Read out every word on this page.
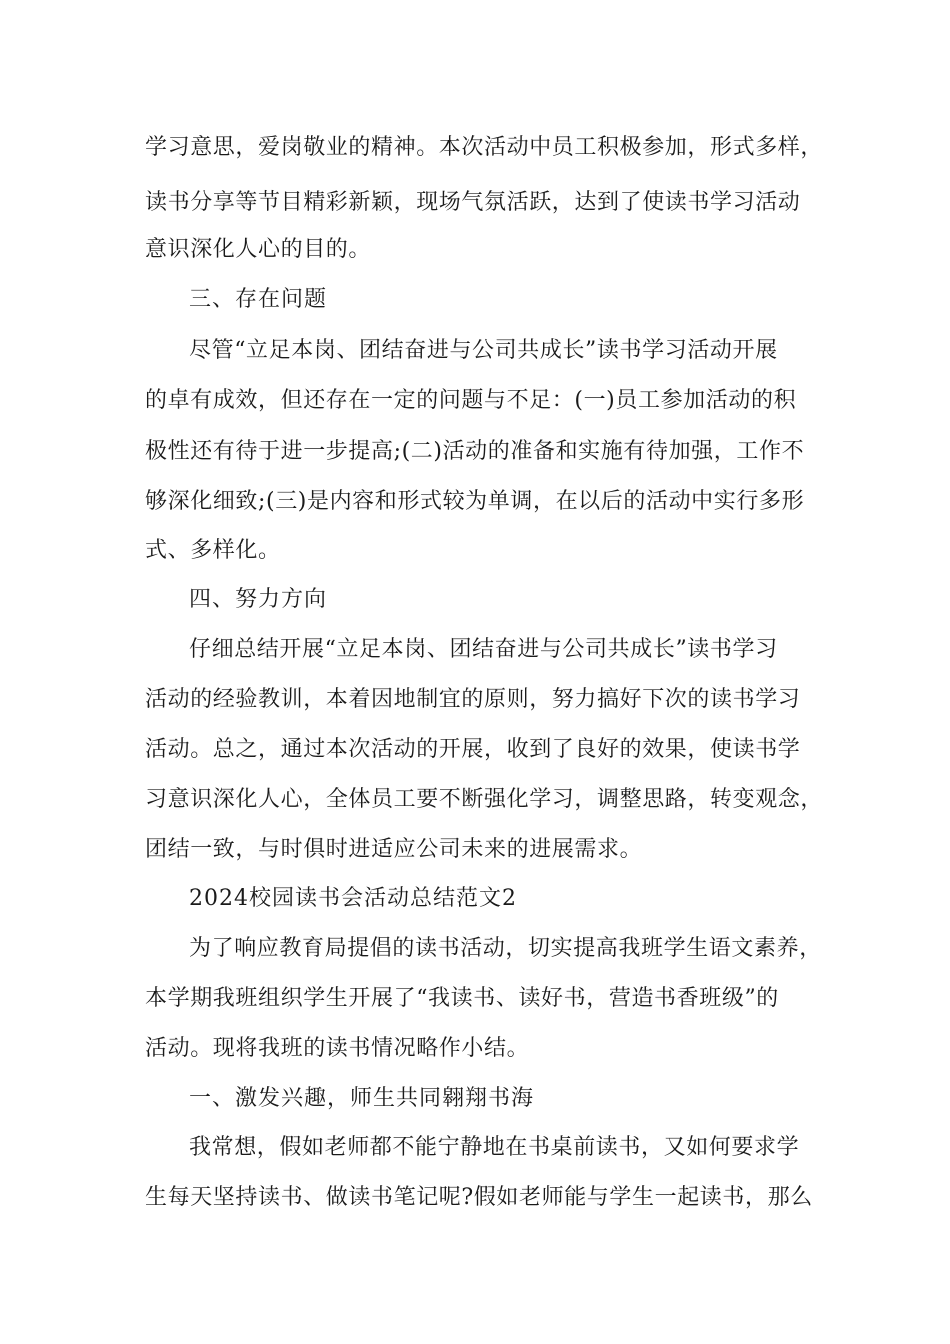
学习意思，爱岗敬业的精神。本次活动中员工积极参加，形式多样，
读书分享等节目精彩新颖，现场气氛活跃，达到了使读书学习活动
意识深化人心的目的。
三、存在问题
尽管“立足本岗、团结奋进与公司共成长”读书学习活动开展
的卓有成效，但还存在一定的问题与不足：(一)员工参加活动的积
极性还有待于进一步提高;(二)活动的准备和实施有待加强，工作不
够深化细致;(三)是内容和形式较为单调，在以后的活动中实行多形
式、多样化。
四、努力方向
仔细总结开展“立足本岗、团结奋进与公司共成长”读书学习
活动的经验教训，本着因地制宜的原则，努力搞好下次的读书学习
活动。总之，通过本次活动的开展，收到了良好的效果，使读书学
习意识深化人心，全体员工要不断强化学习，调整思路，转变观念，
团结一致，与时俱时进适应公司未来的进展需求。
2024校园读书会活动总结范文2
为了响应教育局提倡的读书活动，切实提高我班学生语文素养，
本学期我班组织学生开展了“我读书、读好书，营造书香班级”的
活动。现将我班的读书情况略作小结。
一、激发兴趣，师生共同翱翔书海
我常想，假如老师都不能宁静地在书桌前读书，又如何要求学
生每天坚持读书、做读书笔记呢?假如老师能与学生一起读书，那么
